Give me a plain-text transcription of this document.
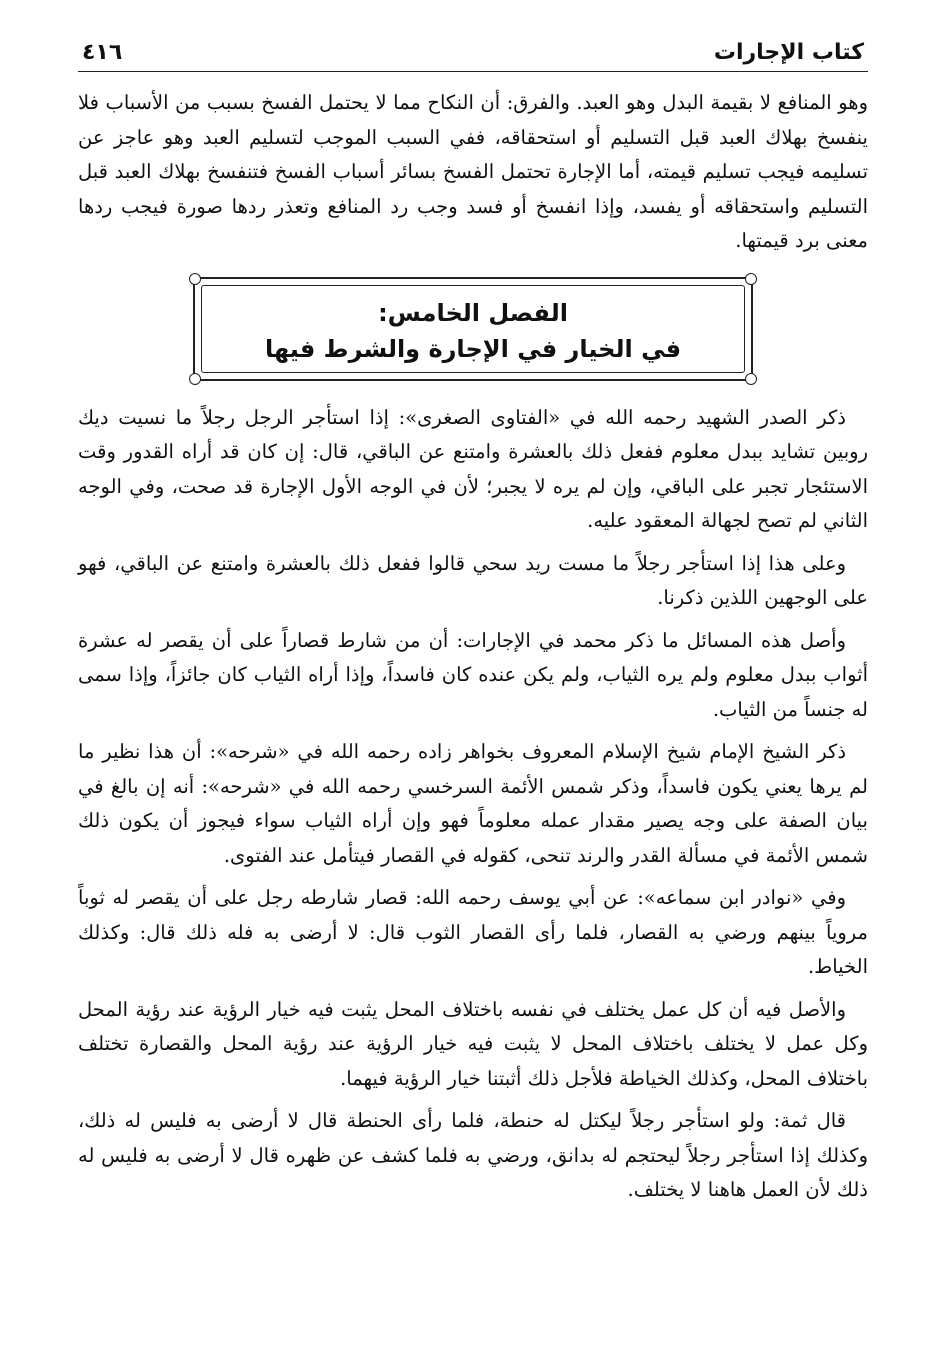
كتاب الإجارات
٤١٦

وهو المنافع لا بقيمة البدل وهو العبد. والفرق: أن النكاح مما لا يحتمل الفسخ بسبب من الأسباب فلا ينفسخ بهلاك العبد قبل التسليم أو استحقاقه، ففي السبب الموجب لتسليم العبد وهو عاجز عن تسليمه فيجب تسليم قيمته، أما الإجارة تحتمل الفسخ بسائر أسباب الفسخ فتنفسخ بهلاك العبد قبل التسليم واستحقاقه أو يفسد، وإذا انفسخ أو فسد وجب رد المنافع وتعذر ردها صورة فيجب ردها معنى برد قيمتها.

الفصل الخامس:
في الخيار في الإجارة والشرط فيها

ذكر الصدر الشهيد رحمه الله في «الفتاوى الصغرى»: إذا استأجر الرجل رجلاً ما نسيت ديك روبين تشايد ببدل معلوم ففعل ذلك بالعشرة وامتنع عن الباقي، قال: إن كان قد أراه القدور وقت الاستئجار تجبر على الباقي، وإن لم يره لا يجبر؛ لأن في الوجه الأول الإجارة قد صحت، وفي الوجه الثاني لم تصح لجهالة المعقود عليه.

وعلى هذا إذا استأجر رجلاً ما مست ريد سحي قالوا ففعل ذلك بالعشرة وامتنع عن الباقي، فهو على الوجهين اللذين ذكرنا.

وأصل هذه المسائل ما ذكر محمد في الإجارات: أن من شارط قصاراً على أن يقصر له عشرة أثواب ببدل معلوم ولم يره الثياب، ولم يكن عنده كان فاسداً، وإذا أراه الثياب كان جائزاً، وإذا سمى له جنساً من الثياب.

ذكر الشيخ الإمام شيخ الإسلام المعروف بخواهر زاده رحمه الله في «شرحه»: أن هذا نظير ما لم يرها يعني يكون فاسداً، وذكر شمس الأئمة السرخسي رحمه الله في «شرحه»: أنه إن بالغ في بيان الصفة على وجه يصير مقدار عمله معلوماً فهو وإن أراه الثياب سواء فيجوز أن يكون ذلك شمس الأئمة في مسألة القدر والرند تنحى، كقوله في القصار فيتأمل عند الفتوى.

وفي «نوادر ابن سماعه»: عن أبي يوسف رحمه الله: قصار شارطه رجل على أن يقصر له ثوباً مروياً بينهم ورضي به القصار، فلما رأى القصار الثوب قال: لا أرضى به فله ذلك قال: وكذلك الخياط.

والأصل فيه أن كل عمل يختلف في نفسه باختلاف المحل يثبت فيه خيار الرؤية عند رؤية المحل وكل عمل لا يختلف باختلاف المحل لا يثبت فيه خيار الرؤية عند رؤية المحل والقصارة تختلف باختلاف المحل، وكذلك الخياطة فلأجل ذلك أثبتنا خيار الرؤية فيهما.

قال ثمة: ولو استأجر رجلاً ليكتل له حنطة، فلما رأى الحنطة قال لا أرضى به فليس له ذلك، وكذلك إذا استأجر رجلاً ليحتجم له بدانق، ورضي به فلما كشف عن ظهره قال لا أرضى به فليس له ذلك لأن العمل هاهنا لا يختلف.
